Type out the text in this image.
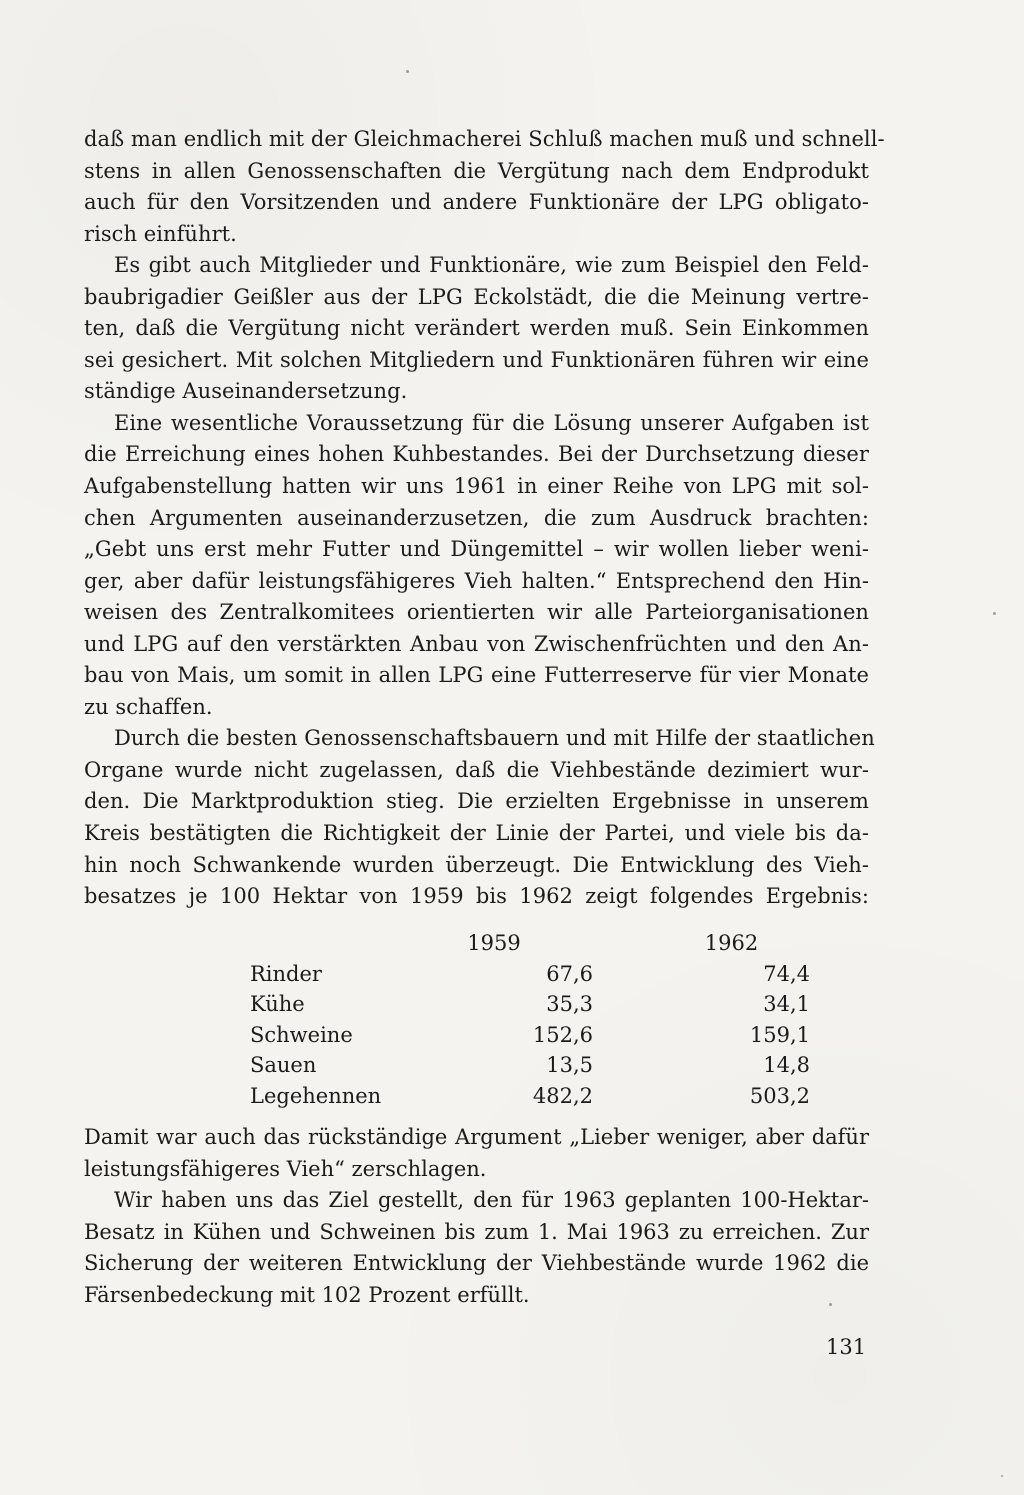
daß man endlich mit der Gleichmacherei Schluß machen muß und schnell-
stens in allen Genossenschaften die Vergütung nach dem Endprodukt
auch für den Vorsitzenden und andere Funktionäre der LPG obligato-
risch einführt.
Es gibt auch Mitglieder und Funktionäre, wie zum Beispiel den Feld-
baubrigadier Geißler aus der LPG Eckolstädt, die die Meinung vertre-
ten, daß die Vergütung nicht verändert werden muß. Sein Einkommen
sei gesichert. Mit solchen Mitgliedern und Funktionären führen wir eine
ständige Auseinandersetzung.
Eine wesentliche Voraussetzung für die Lösung unserer Aufgaben ist
die Erreichung eines hohen Kuhbestandes. Bei der Durchsetzung dieser
Aufgabenstellung hatten wir uns 1961 in einer Reihe von LPG mit sol-
chen Argumenten auseinanderzusetzen, die zum Ausdruck brachten:
„Gebt uns erst mehr Futter und Düngemittel – wir wollen lieber weni-
ger, aber dafür leistungsfähigeres Vieh halten.“ Entsprechend den Hin-
weisen des Zentralkomitees orientierten wir alle Parteiorganisationen
und LPG auf den verstärkten Anbau von Zwischenfrüchten und den An-
bau von Mais, um somit in allen LPG eine Futterreserve für vier Monate
zu schaffen.
Durch die besten Genossenschaftsbauern und mit Hilfe der staatlichen
Organe wurde nicht zugelassen, daß die Viehbestände dezimiert wur-
den. Die Marktproduktion stieg. Die erzielten Ergebnisse in unserem
Kreis bestätigten die Richtigkeit der Linie der Partei, und viele bis da-
hin noch Schwankende wurden überzeugt. Die Entwicklung des Vieh-
besatzes je 100 Hektar von 1959 bis 1962 zeigt folgendes Ergebnis:
	1959	1962
Rinder	67,6	74,4
Kühe	35,3	34,1
Schweine	152,6	159,1
Sauen	13,5	14,8
Legehennen	482,2	503,2
Damit war auch das rückständige Argument „Lieber weniger, aber dafür
leistungsfähigeres Vieh“ zerschlagen.
Wir haben uns das Ziel gestellt, den für 1963 geplanten 100-Hektar-
Besatz in Kühen und Schweinen bis zum 1. Mai 1963 zu erreichen. Zur
Sicherung der weiteren Entwicklung der Viehbestände wurde 1962 die
Färsenbedeckung mit 102 Prozent erfüllt.
131
